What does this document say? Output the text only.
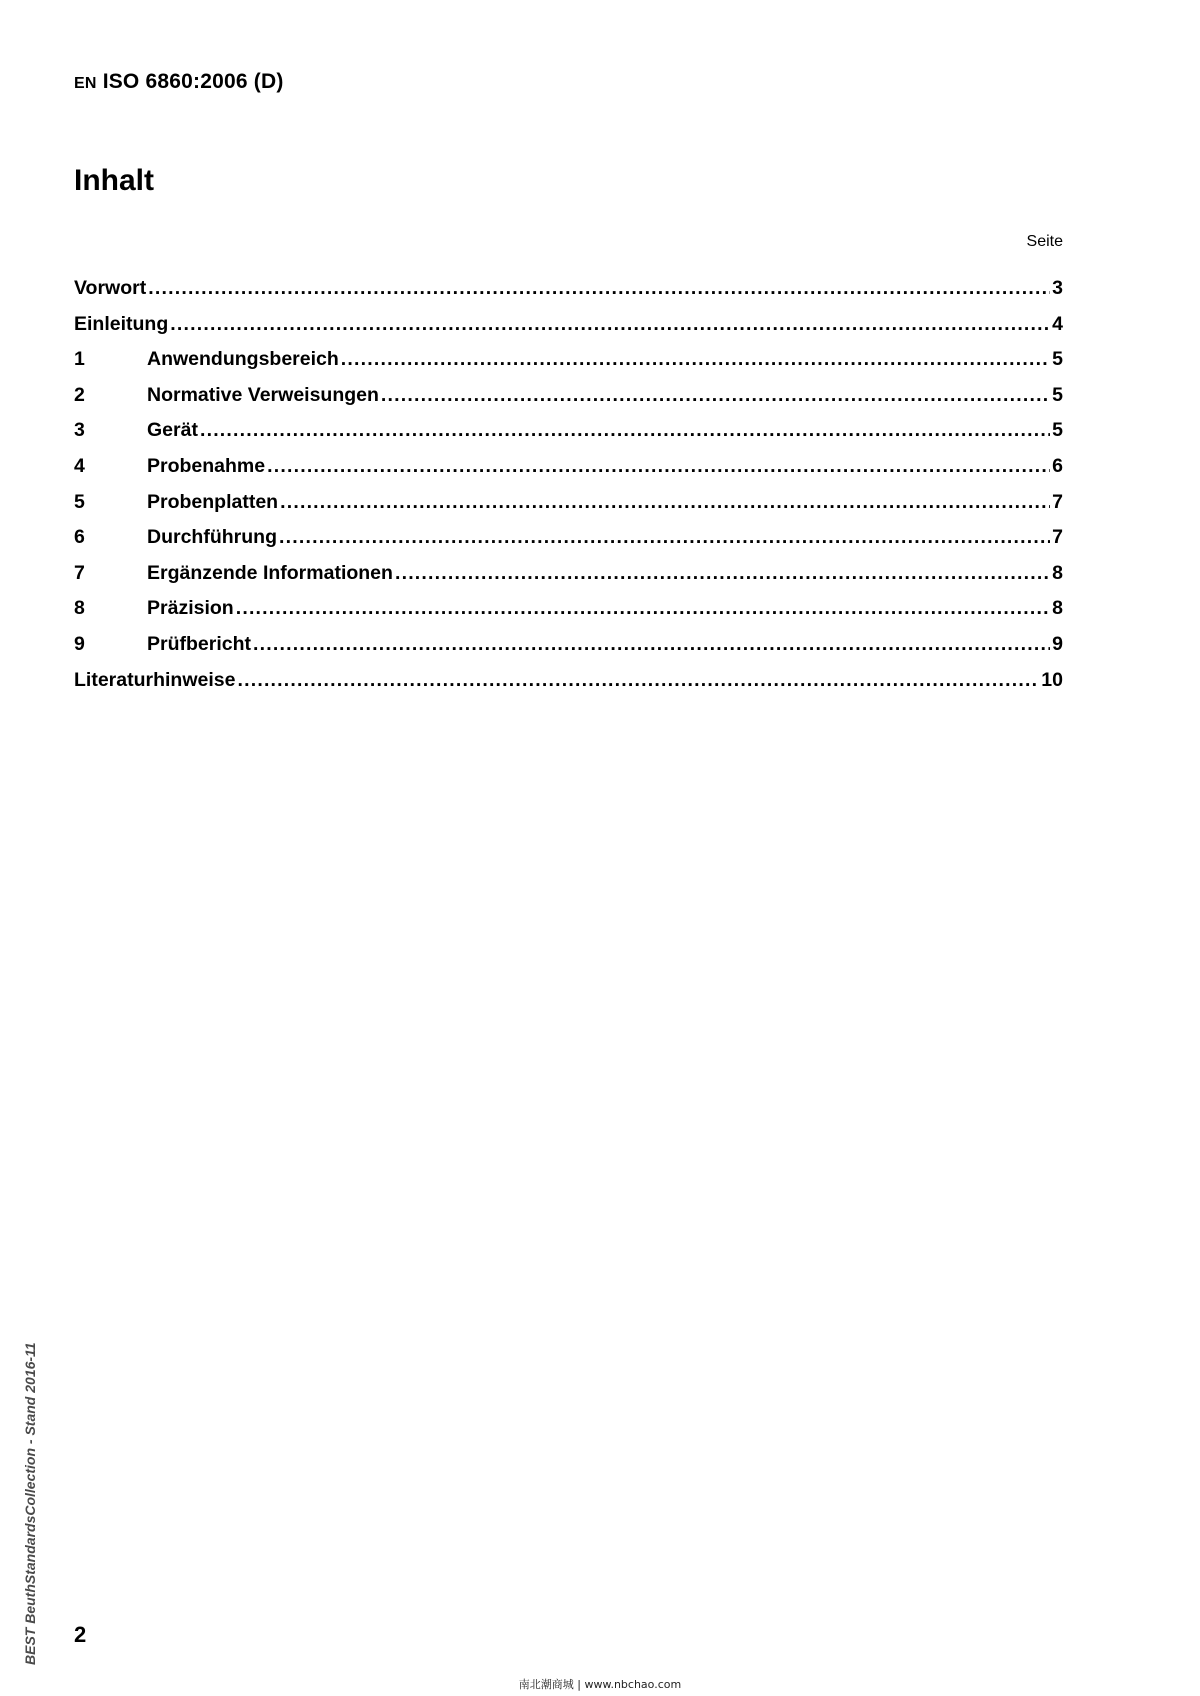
EN ISO 6860:2006 (D)
Inhalt
Seite
Vorwort .....	3
Einleitung .....	4
1	Anwendungsbereich .....	5
2	Normative Verweisungen .....	5
3	Gerät .....	5
4	Probenahme .....	6
5	Probenplatten .....	7
6	Durchführung .....	7
7	Ergänzende Informationen .....	8
8	Präzision .....	8
9	Prüfbericht .....	9
Literaturhinweise .....	10
2
BEST BeuthStandardsCollection - Stand 2016-11
南北潮商城 | www.nbchao.com
